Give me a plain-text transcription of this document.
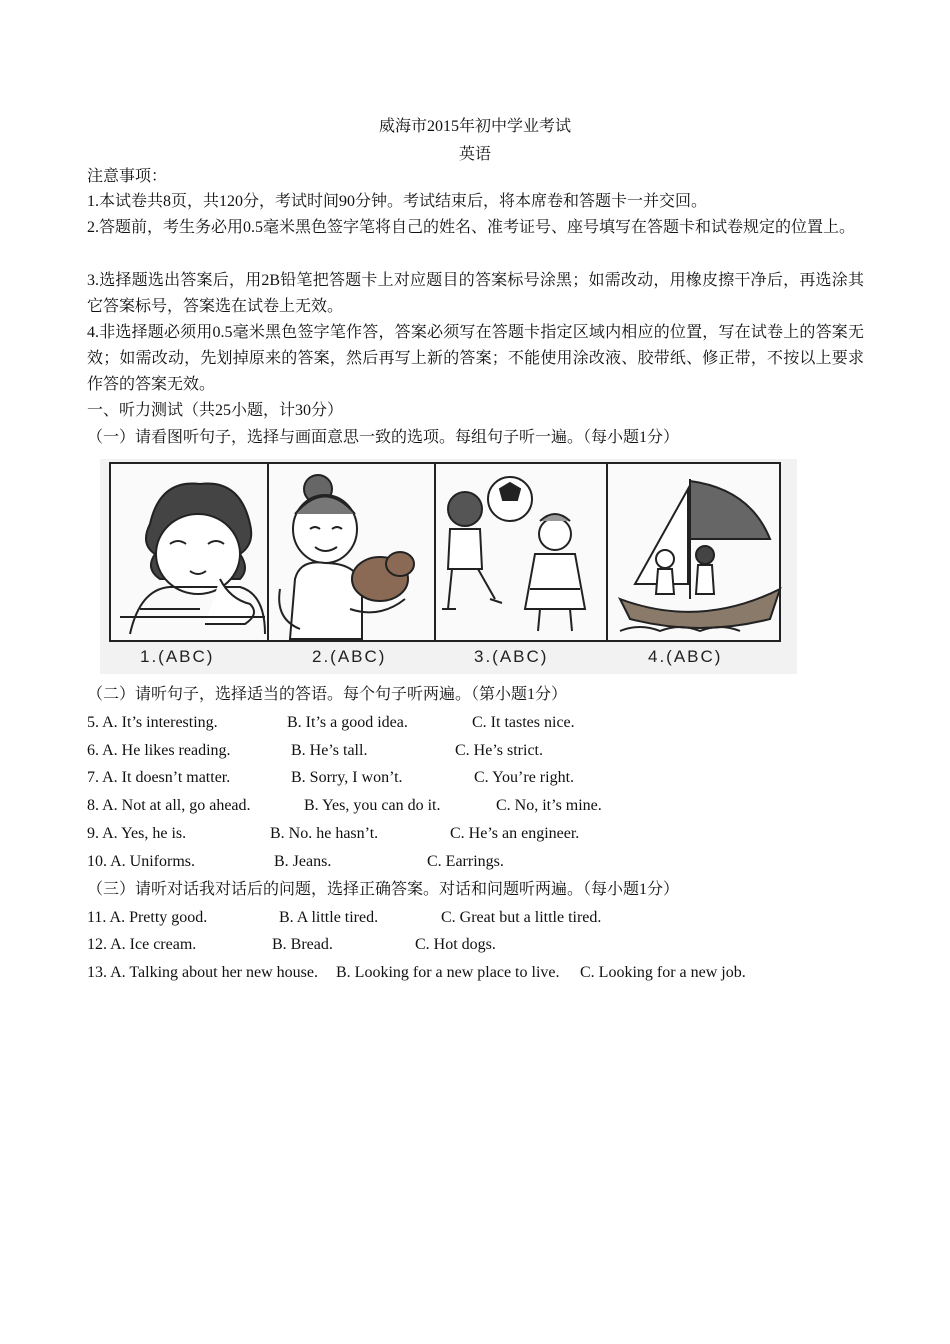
威海市2015年初中学业考试
英语
注意事项：
1.本试卷共8页，共120分，考试时间90分钟。考试结束后，将本席卷和答题卡一并交回。
2.答题前，考生务必用0.5毫米黑色签字笔将自己的姓名、准考证号、座号填写在答题卡和试卷规定的位置上。
3.选择题选出答案后，用2B铅笔把答题卡上对应题目的答案标号涂黑；如需改动，用橡皮擦干净后，再选涂其它答案标号，答案选在试卷上无效。
4.非选择题必须用0.5毫米黑色签字笔作答，答案必须写在答题卡指定区域内相应的位置，写在试卷上的答案无效；如需改动，先划掉原来的答案，然后再写上新的答案；不能使用涂改液、胶带纸、修正带，不按以上要求作答的答案无效。
一、听力测试（共25小题，计30分）
（一）请看图听句子，选择与画面意思一致的选项。每组句子听一遍。（每小题1分）
1.(ABC)	2.(ABC)	3.(ABC)	4.(ABC)
（二）请听句子，选择适当的答语。每个句子听两遍。（第小题1分）
5. A. It’s interesting.	B. It’s a good idea.	C. It tastes nice.
6. A. He likes reading.	B. He’s tall.	C. He’s strict.
7. A. It doesn’t matter.	B. Sorry, I won’t.	C. You’re right.
8. A. Not at all, go ahead.	B. Yes, you can do it.	C. No, it’s mine.
9. A. Yes, he is.	B. No. he hasn’t.	C. He’s an engineer.
10. A. Uniforms.	B. Jeans.	C. Earrings.
（三）请听对话我对话后的问题，选择正确答案。对话和问题听两遍。（每小题1分）
11. A. Pretty good.	B. A little tired.	C. Great but a little tired.
12. A. Ice cream.	B. Bread.	C. Hot dogs.
13. A. Talking about her new house. B. Looking for a new place to live. C. Looking for a new job.
